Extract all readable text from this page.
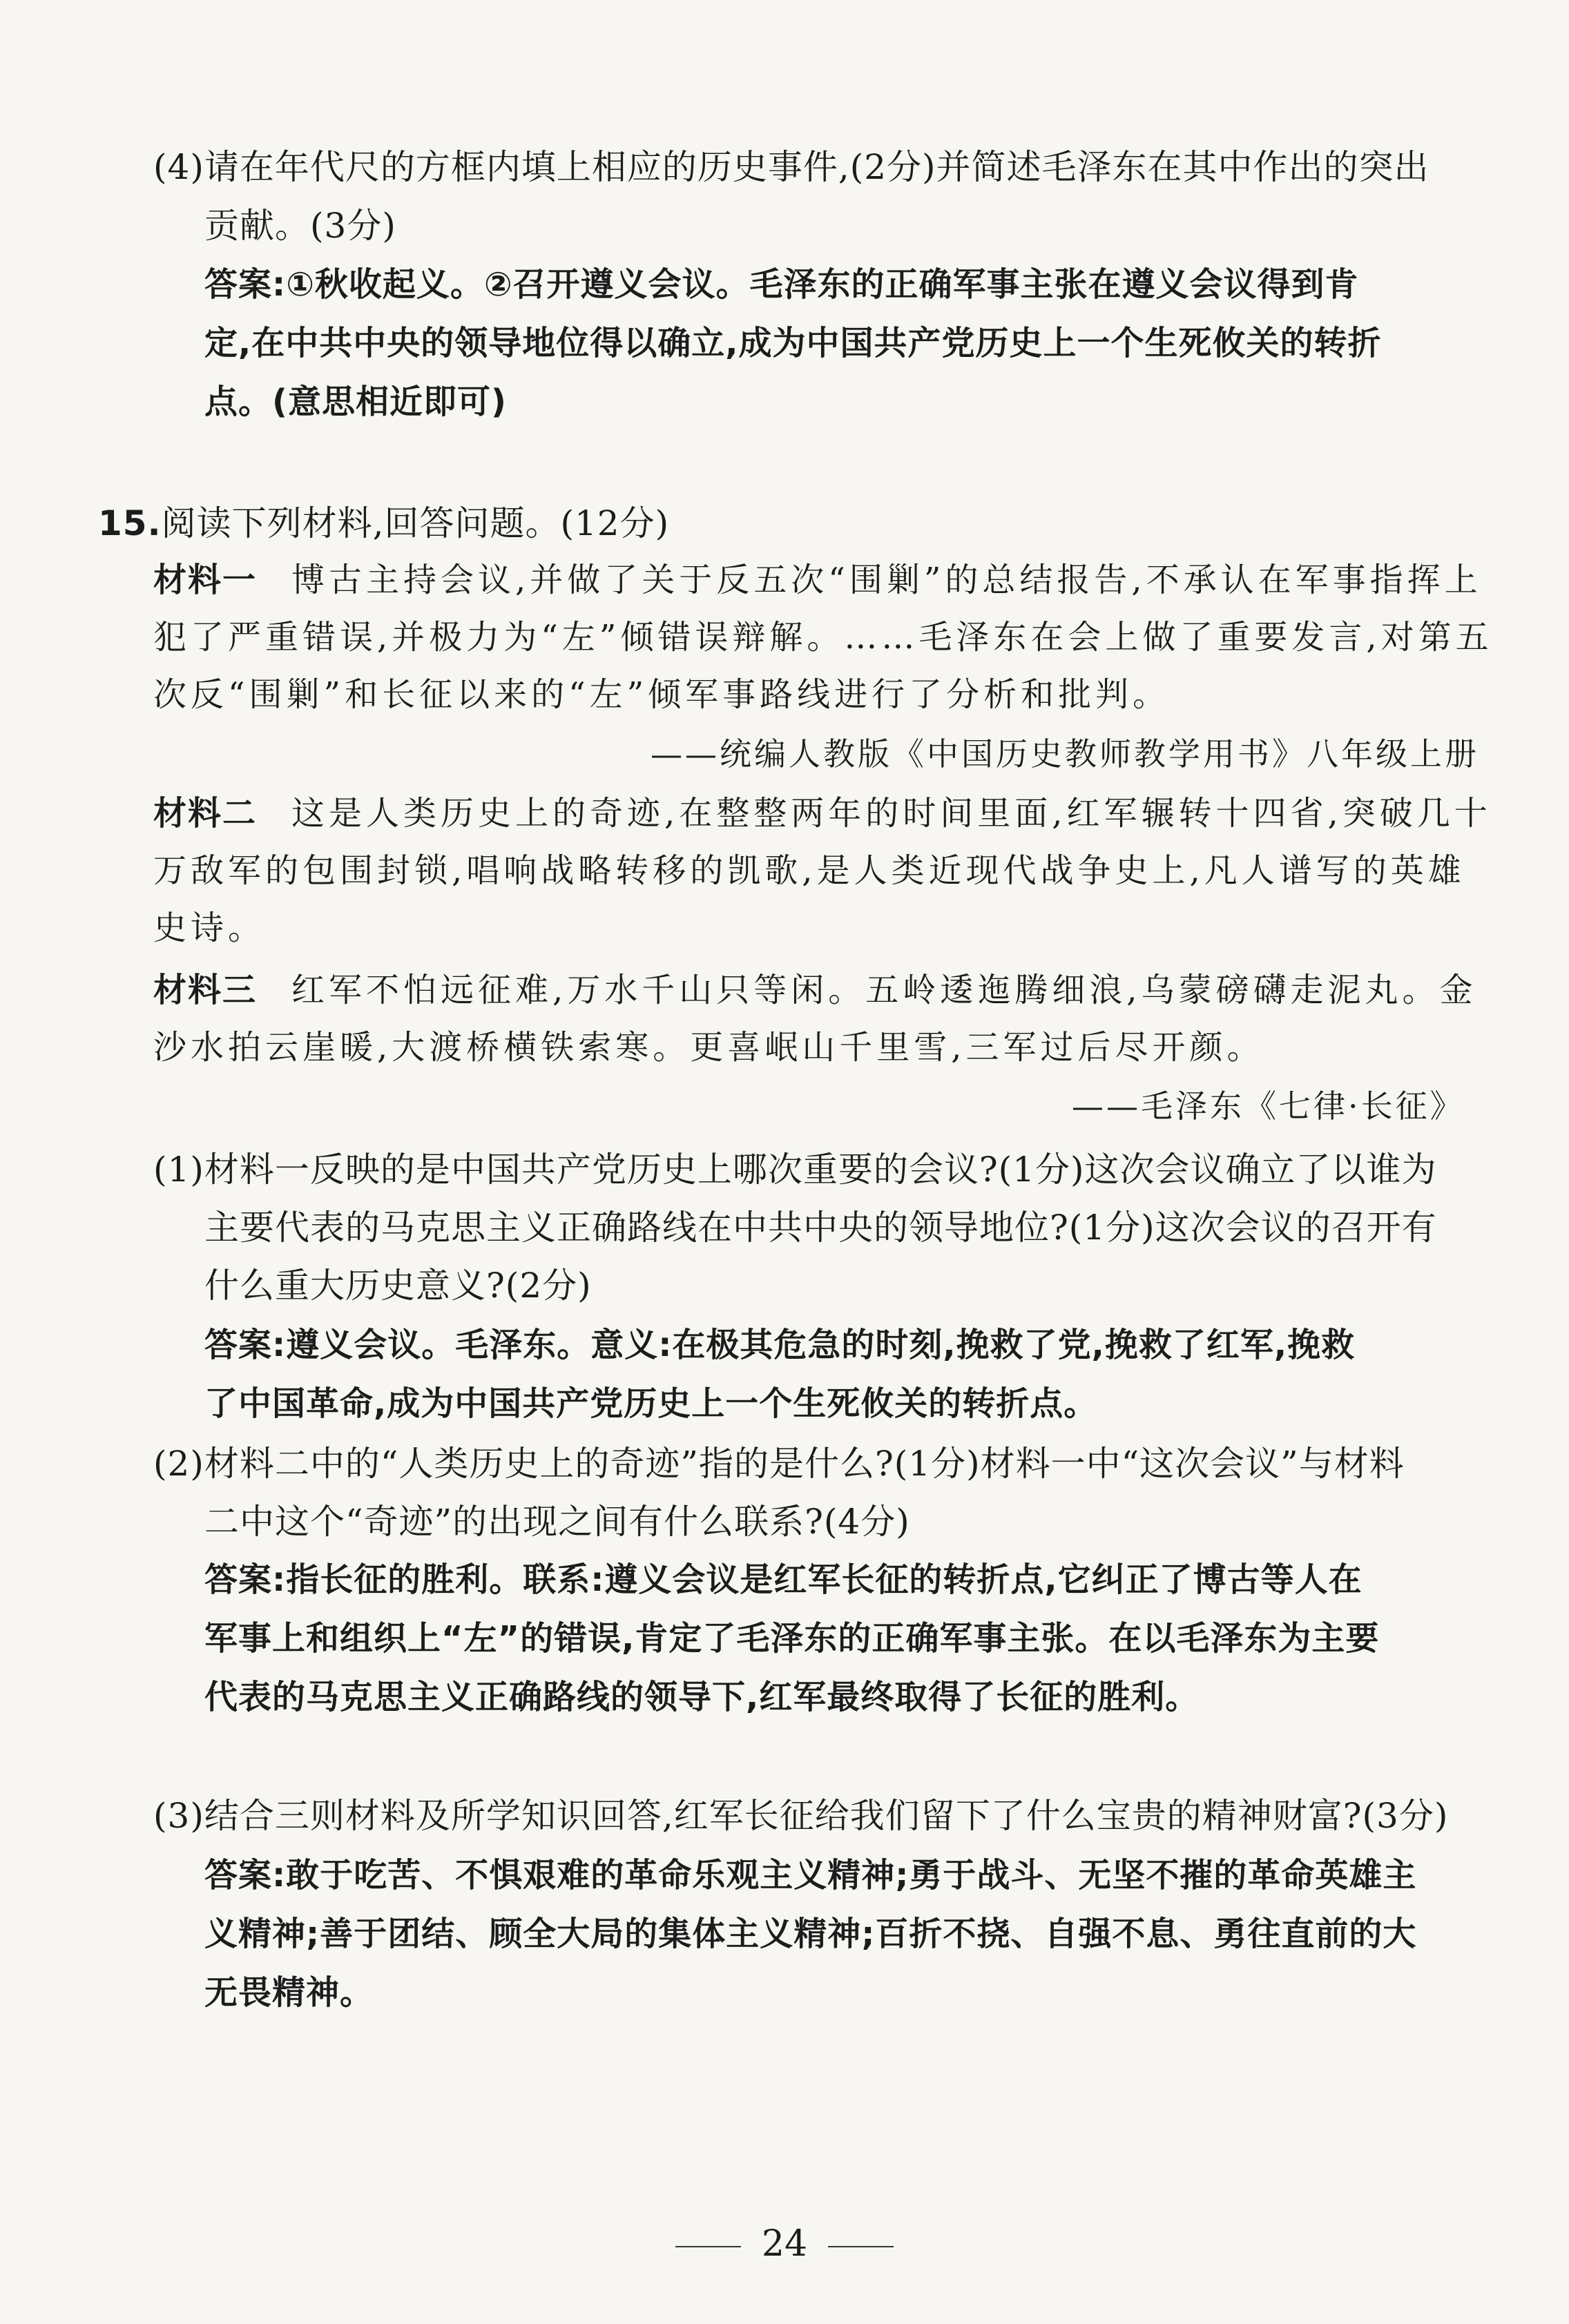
(4)请在年代尺的方框内填上相应的历史事件,(2分)并简述毛泽东在其中作出的突出
贡献。(3分)
答案:①秋收起义。②召开遵义会议。毛泽东的正确军事主张在遵义会议得到肯
定,在中共中央的领导地位得以确立,成为中国共产党历史上一个生死攸关的转折
点。(意思相近即可)
15.阅读下列材料,回答问题。(12分)
材料一 博古主持会议,并做了关于反五次“围剿”的总结报告,不承认在军事指挥上
犯了严重错误,并极力为“左”倾错误辩解。……毛泽东在会上做了重要发言,对第五
次反“围剿”和长征以来的“左”倾军事路线进行了分析和批判。
——统编人教版《中国历史教师教学用书》八年级上册
材料二 这是人类历史上的奇迹,在整整两年的时间里面,红军辗转十四省,突破几十
万敌军的包围封锁,唱响战略转移的凯歌,是人类近现代战争史上,凡人谱写的英雄
史诗。
材料三 红军不怕远征难,万水千山只等闲。五岭逶迤腾细浪,乌蒙磅礴走泥丸。金
沙水拍云崖暖,大渡桥横铁索寒。更喜岷山千里雪,三军过后尽开颜。
——毛泽东《七律·长征》
(1)材料一反映的是中国共产党历史上哪次重要的会议?(1分)这次会议确立了以谁为
主要代表的马克思主义正确路线在中共中央的领导地位?(1分)这次会议的召开有
什么重大历史意义?(2分)
答案:遵义会议。毛泽东。意义:在极其危急的时刻,挽救了党,挽救了红军,挽救
了中国革命,成为中国共产党历史上一个生死攸关的转折点。
(2)材料二中的“人类历史上的奇迹”指的是什么?(1分)材料一中“这次会议”与材料
二中这个“奇迹”的出现之间有什么联系?(4分)
答案:指长征的胜利。联系:遵义会议是红军长征的转折点,它纠正了博古等人在
军事上和组织上“左”的错误,肯定了毛泽东的正确军事主张。在以毛泽东为主要
代表的马克思主义正确路线的领导下,红军最终取得了长征的胜利。
(3)结合三则材料及所学知识回答,红军长征给我们留下了什么宝贵的精神财富?(3分)
答案:敢于吃苦、不惧艰难的革命乐观主义精神;勇于战斗、无坚不摧的革命英雄主
义精神;善于团结、顾全大局的集体主义精神;百折不挠、自强不息、勇往直前的大
无畏精神。
24
